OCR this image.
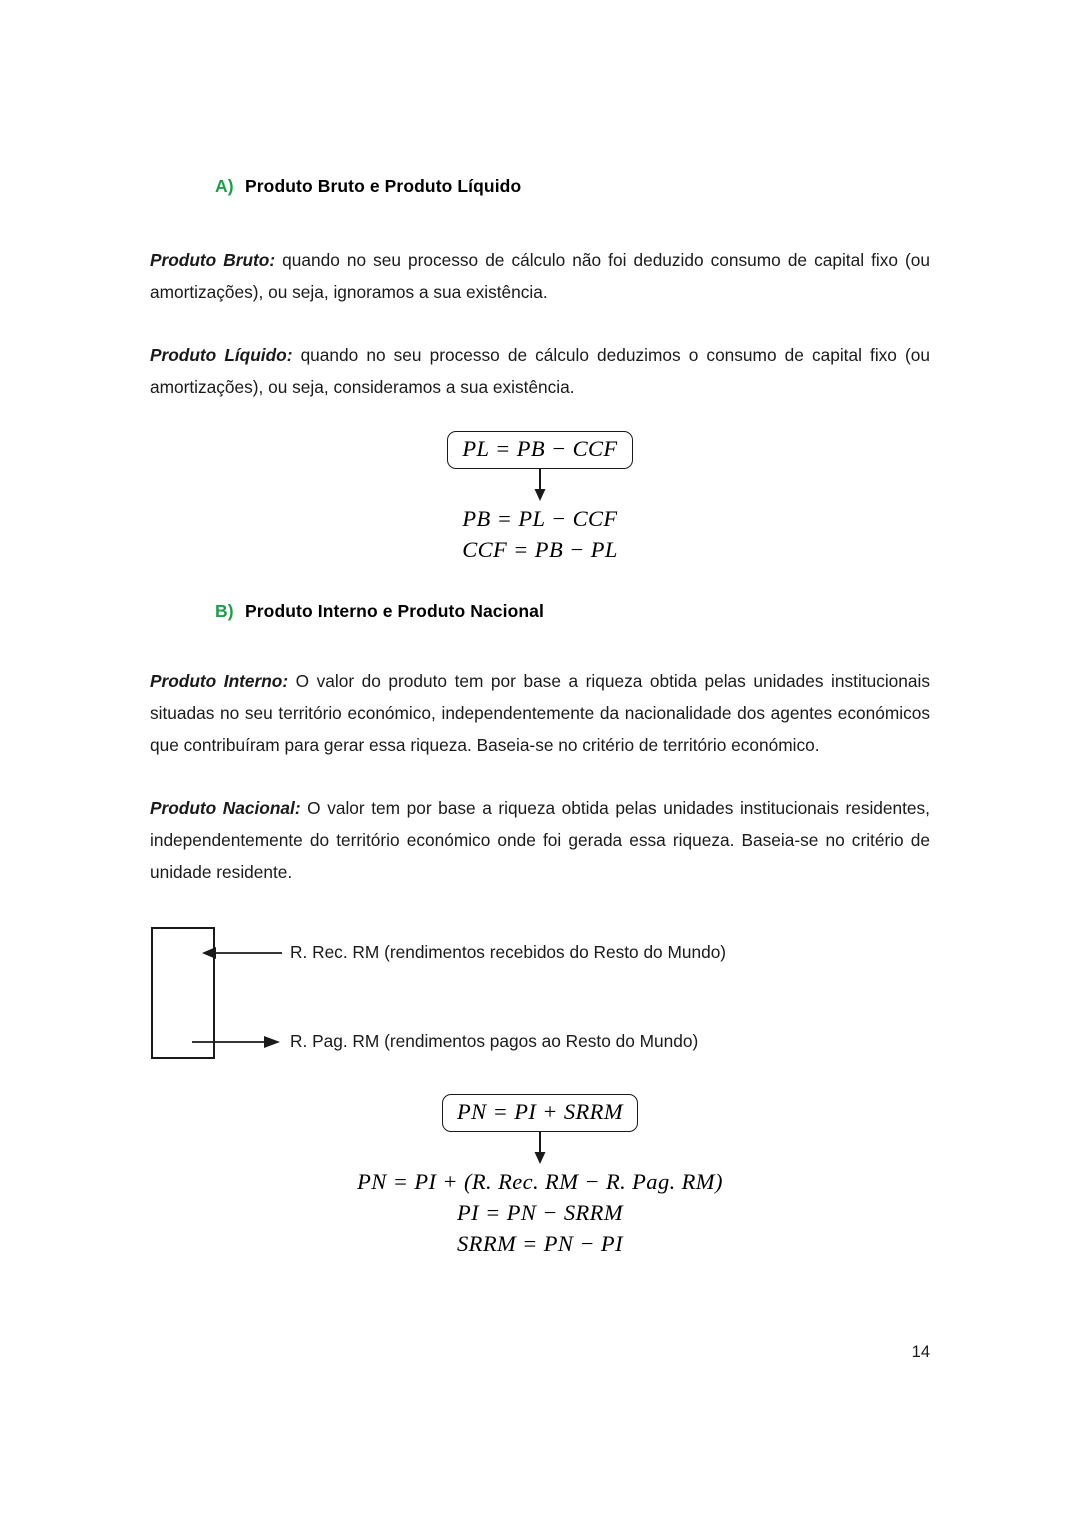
A) Produto Bruto e Produto Líquido

Produto Bruto: quando no seu processo de cálculo não foi deduzido consumo de capital fixo (ou amortizações), ou seja, ignoramos a sua existência.

Produto Líquido: quando no seu processo de cálculo deduzimos o consumo de capital fixo (ou amortizações), ou seja, consideramos a sua existência.

PL = PB − CCF
PB = PL − CCF
CCF = PB − PL
B) Produto Interno e Produto Nacional

Produto Interno: O valor do produto tem por base a riqueza obtida pelas unidades institucionais situadas no seu território económico, independentemente da nacionalidade dos agentes económicos que contribuíram para gerar essa riqueza. Baseia-se no critério de território económico.

Produto Nacional: O valor tem por base a riqueza obtida pelas unidades institucionais residentes, independentemente do território económico onde foi gerada essa riqueza. Baseia-se no critério de unidade residente.

R. Rec. RM (rendimentos recebidos do Resto do Mundo)
R. Pag. RM (rendimentos pagos ao Resto do Mundo)
PN = PI + SRRM
PN = PI + (R. Rec. RM − R. Pag. RM)
PI = PN − SRRM
SRRM = PN − PI
14
